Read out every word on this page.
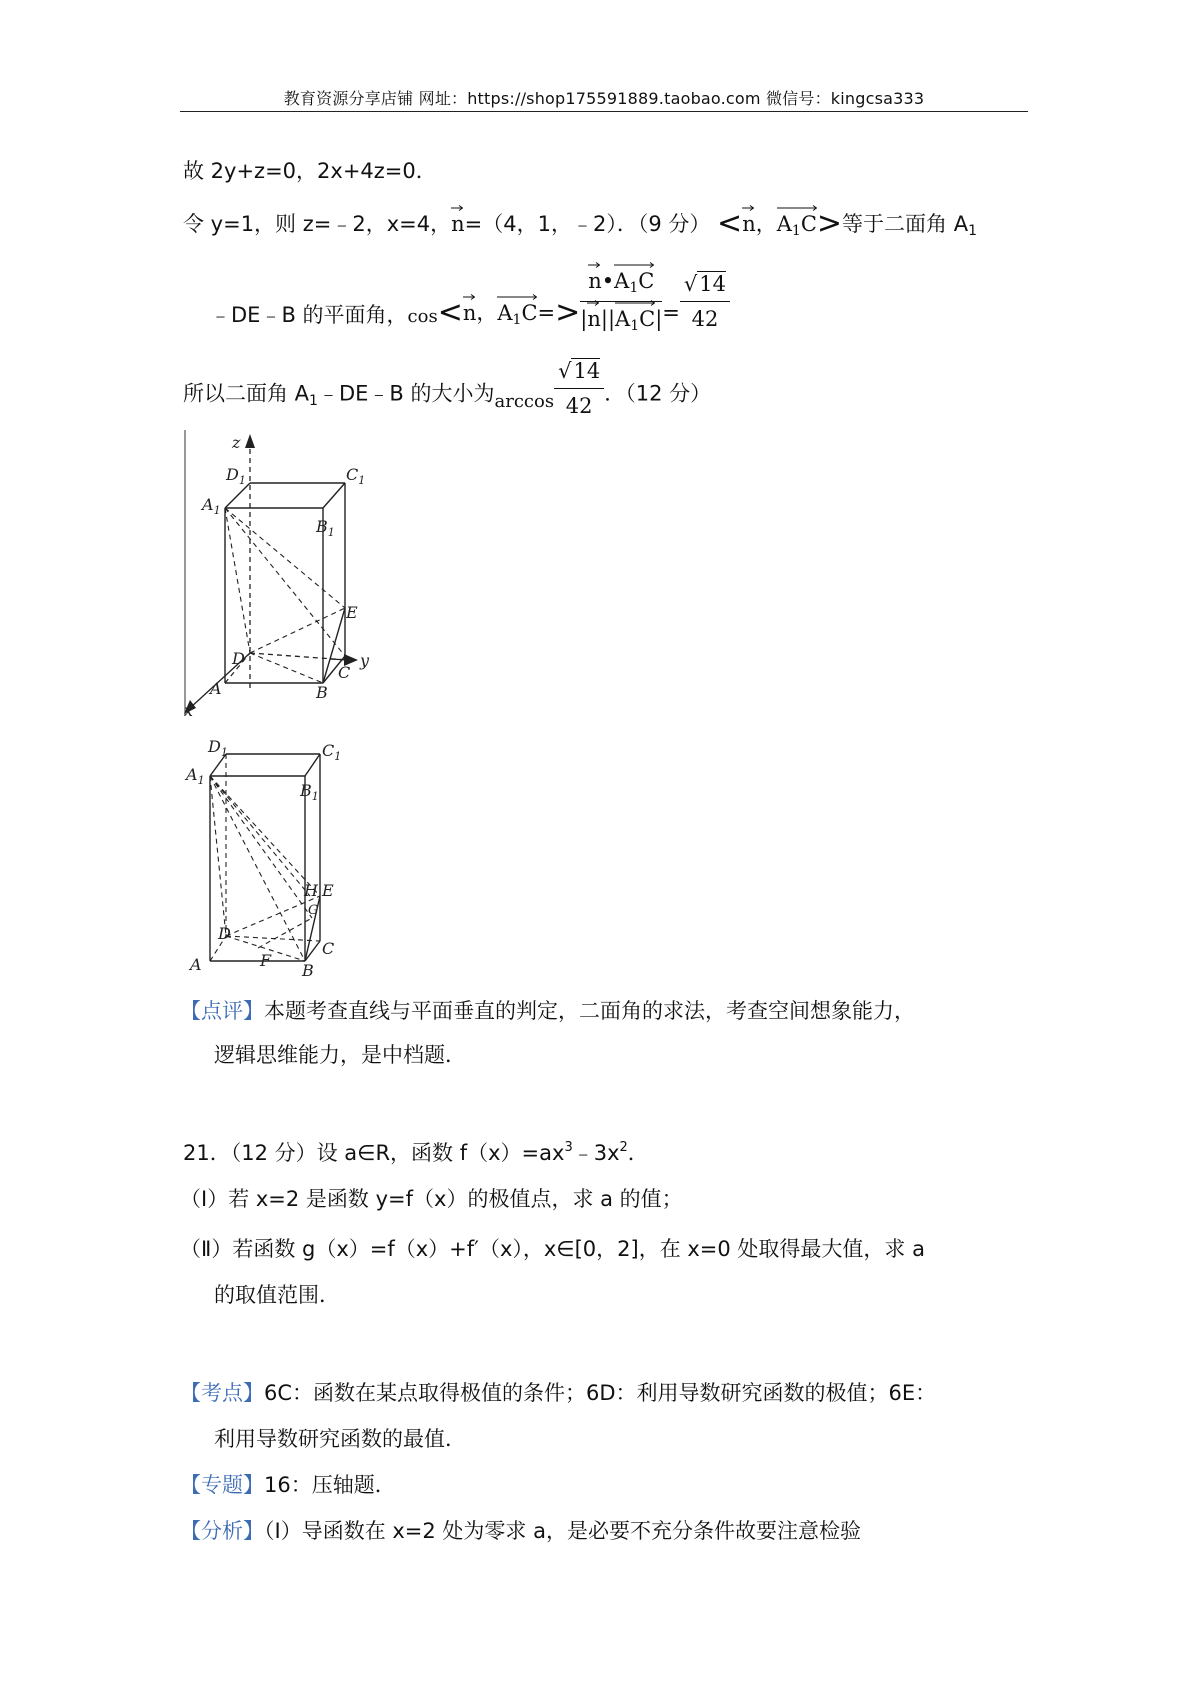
教育资源分享店铺 网址：https://shop175591889.taobao.com 微信号：kingcsa333
故 2y+z=0，2x+4z=0．
令 y=1，则 z=﹣2，x=4，
n=（4，1，﹣2）．（9 分） <
n，
A1C>等于二面角 A1
﹣DE﹣B 的平面角，cos<
n，
A1C=> n•
A1C
|
n||
$A1C| = \frac{√14}{42}$
所以二面角 A1﹣DE﹣B 的大小为$\arccos \frac{√14}{42}$ ．（12 分）
z
y
x
$D_1$	$C_1$
$A_1$
$B_1$
E
D
C
A	B
$D_1$	$C_1$
$A_1$
$B_1$
H E
G
D
C
A	F
B
【点评】本题考查直线与平面垂直的判定，二面角的求法，考查空间想象能力，
逻辑思维能力，是中档题．
21．（12 分）设 a∈R，函数 $f(x)=ax^3﹣3x^2$．
（Ⅰ）若 x=2 是函数 y=f（x）的极值点，求 a 的值；
（Ⅱ）若函数 g（x）=f（x）+f′（x），x∈[0，2]，在 x=0 处取得最大值，求 a
的取值范围．
【考点】6C：函数在某点取得极值的条件；6D：利用导数研究函数的极值；6E：
利用导数研究函数的最值．
【专题】16：压轴题．
【分析】（Ⅰ）导函数在 x=2 处为零求 a，是必要不充分条件故要注意检验
